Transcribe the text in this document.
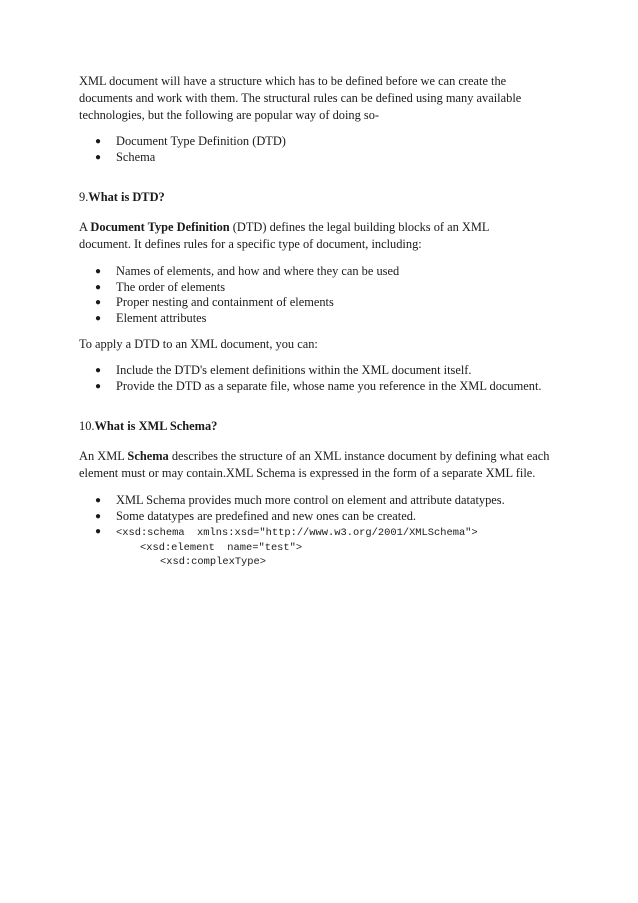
XML document will have a structure which has to be defined before we can create the documents and work with them. The structural rules can be defined using many available technologies, but the following are popular way of doing so-

● Document Type Definition (DTD)
● Schema

9.What is DTD?

A Document Type Definition (DTD) defines the legal building blocks of an XML document. It defines rules for a specific type of document, including:

● Names of elements, and how and where they can be used
● The order of elements
● Proper nesting and containment of elements
● Element attributes

To apply a DTD to an XML document, you can:

● Include the DTD's element definitions within the XML document itself.
● Provide the DTD as a separate file, whose name you reference in the XML document.

10.What is XML Schema?

An XML Schema describes the structure of an XML instance document by defining what each element must or may contain.XML Schema is expressed in the form of a separate XML file.

● XML Schema provides much more control on element and attribute datatypes.
● Some datatypes are predefined and new ones can be created.
● <xsd:schema  xmlns:xsd="http://www.w3.org/2001/XMLSchema">
<xsd:element  name="test">
<xsd:complexType>
